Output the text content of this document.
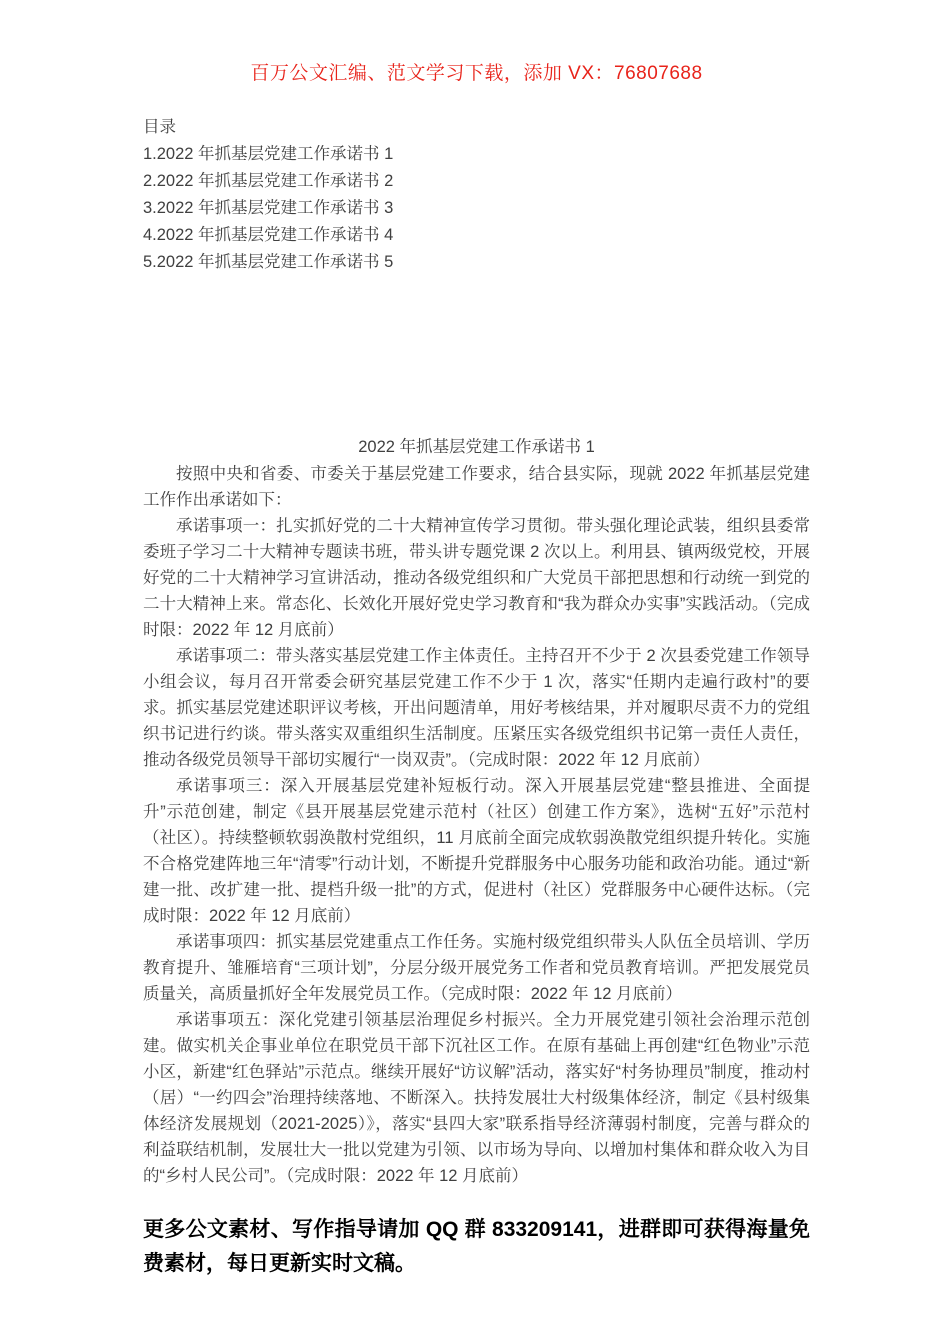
百万公文汇编、范文学习下载，添加 VX：76807688
目录
1.2022 年抓基层党建工作承诺书 1
2.2022 年抓基层党建工作承诺书 2
3.2022 年抓基层党建工作承诺书 3
4.2022 年抓基层党建工作承诺书 4
5.2022 年抓基层党建工作承诺书 5
2022 年抓基层党建工作承诺书 1

按照中央和省委、市委关于基层党建工作要求，结合县实际，现就 2022 年抓基层党建工作作出承诺如下：

承诺事项一：扎实抓好党的二十大精神宣传学习贯彻。带头强化理论武装，组织县委常委班子学习二十大精神专题读书班，带头讲专题党课 2 次以上。利用县、镇两级党校，开展好党的二十大精神学习宣讲活动，推动各级党组织和广大党员干部把思想和行动统一到党的二十大精神上来。常态化、长效化开展好党史学习教育和“我为群众办实事”实践活动。（完成时限：2022 年 12 月底前）

承诺事项二：带头落实基层党建工作主体责任。主持召开不少于 2 次县委党建工作领导小组会议，每月召开常委会研究基层党建工作不少于 1 次，落实“任期内走遍行政村”的要求。抓实基层党建述职评议考核，开出问题清单，用好考核结果，并对履职尽责不力的党组织书记进行约谈。带头落实双重组织生活制度。压紧压实各级党组织书记第一责任人责任，推动各级党员领导干部切实履行“一岗双责”。（完成时限：2022 年 12 月底前）

承诺事项三：深入开展基层党建补短板行动。深入开展基层党建“整县推进、全面提升”示范创建，制定《县开展基层党建示范村（社区）创建工作方案》，选树“五好”示范村（社区）。持续整顿软弱涣散村党组织，11 月底前全面完成软弱涣散党组织提升转化。实施不合格党建阵地三年“清零”行动计划，不断提升党群服务中心服务功能和政治功能。通过“新建一批、改扩建一批、提档升级一批”的方式，促进村（社区）党群服务中心硬件达标。（完成时限：2022 年 12 月底前）

承诺事项四：抓实基层党建重点工作任务。实施村级党组织带头人队伍全员培训、学历教育提升、雏雁培育“三项计划”，分层分级开展党务工作者和党员教育培训。严把发展党员质量关，高质量抓好全年发展党员工作。（完成时限：2022 年 12 月底前）

承诺事项五：深化党建引领基层治理促乡村振兴。全力开展党建引领社会治理示范创建。做实机关企事业单位在职党员干部下沉社区工作。在原有基础上再创建“红色物业”示范小区，新建“红色驿站”示范点。继续开展好“访议解”活动，落实好“村务协理员”制度，推动村（居）“一约四会”治理持续落地、不断深入。扶持发展壮大村级集体经济，制定《县村级集体经济发展规划（2021-2025）》，落实“县四大家”联系指导经济薄弱村制度，完善与群众的利益联结机制，发展壮大一批以党建为引领、以市场为导向、以增加村集体和群众收入为目的“乡村人民公司”。（完成时限：2022 年 12 月底前）

更多公文素材、写作指导请加 QQ 群 833209141，进群即可获得海量免费素材，每日更新实时文稿。
